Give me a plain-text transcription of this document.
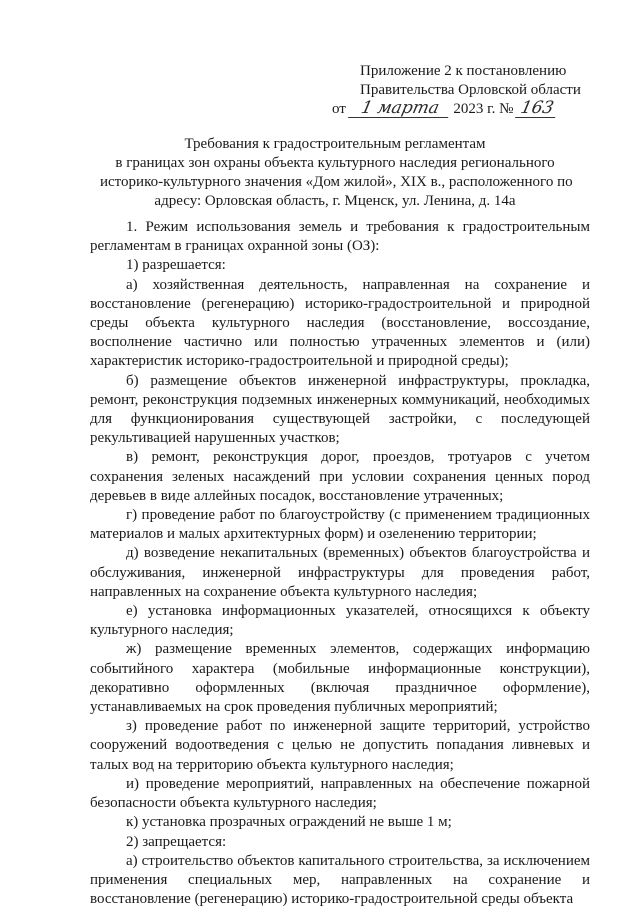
Приложение 2 к постановлению
Правительства Орловской области
от 1 марта 2023 г. № 163
Требования к градостроительным регламентам
в границах зон охраны объекта культурного наследия регионального
историко-культурного значения «Дом жилой», XIX в., расположенного по
адресу: Орловская область, г. Мценск, ул. Ленина, д. 14а

1. Режим использования земель и требования к градостроительным регламентам в границах охранной зоны (ОЗ):

1) разрешается:

а) хозяйственная деятельность, направленная на сохранение и восстановление (регенерацию) историко-градостроительной и природной среды объекта культурного наследия (восстановление, воссоздание, восполнение частично или полностью утраченных элементов и (или) характеристик историко-градостроительной и природной среды);

б) размещение объектов инженерной инфраструктуры, прокладка, ремонт, реконструкция подземных инженерных коммуникаций, необходимых для функционирования существующей застройки, с последующей рекультивацией нарушенных участков;

в) ремонт, реконструкция дорог, проездов, тротуаров с учетом сохранения зеленых насаждений при условии сохранения ценных пород деревьев в виде аллейных посадок, восстановление утраченных;

г) проведение работ по благоустройству (с применением традиционных материалов и малых архитектурных форм) и озеленению территории;

д) возведение некапитальных (временных) объектов благоустройства и обслуживания, инженерной инфраструктуры для проведения работ, направленных на сохранение объекта культурного наследия;

е) установка информационных указателей, относящихся к объекту культурного наследия;

ж) размещение временных элементов, содержащих информацию событийного характера (мобильные информационные конструкции), декоративно оформленных (включая праздничное оформление), устанавливаемых на срок проведения публичных мероприятий;

з) проведение работ по инженерной защите территорий, устройство сооружений водоотведения с целью не допустить попадания ливневых и талых вод на территорию объекта культурного наследия;

и) проведение мероприятий, направленных на обеспечение пожарной безопасности объекта культурного наследия;

к) установка прозрачных ограждений не выше 1 м;

2) запрещается:

а) строительство объектов капитального строительства, за исключением применения специальных мер, направленных на сохранение и восстановление (регенерацию) историко-градостроительной среды объекта
